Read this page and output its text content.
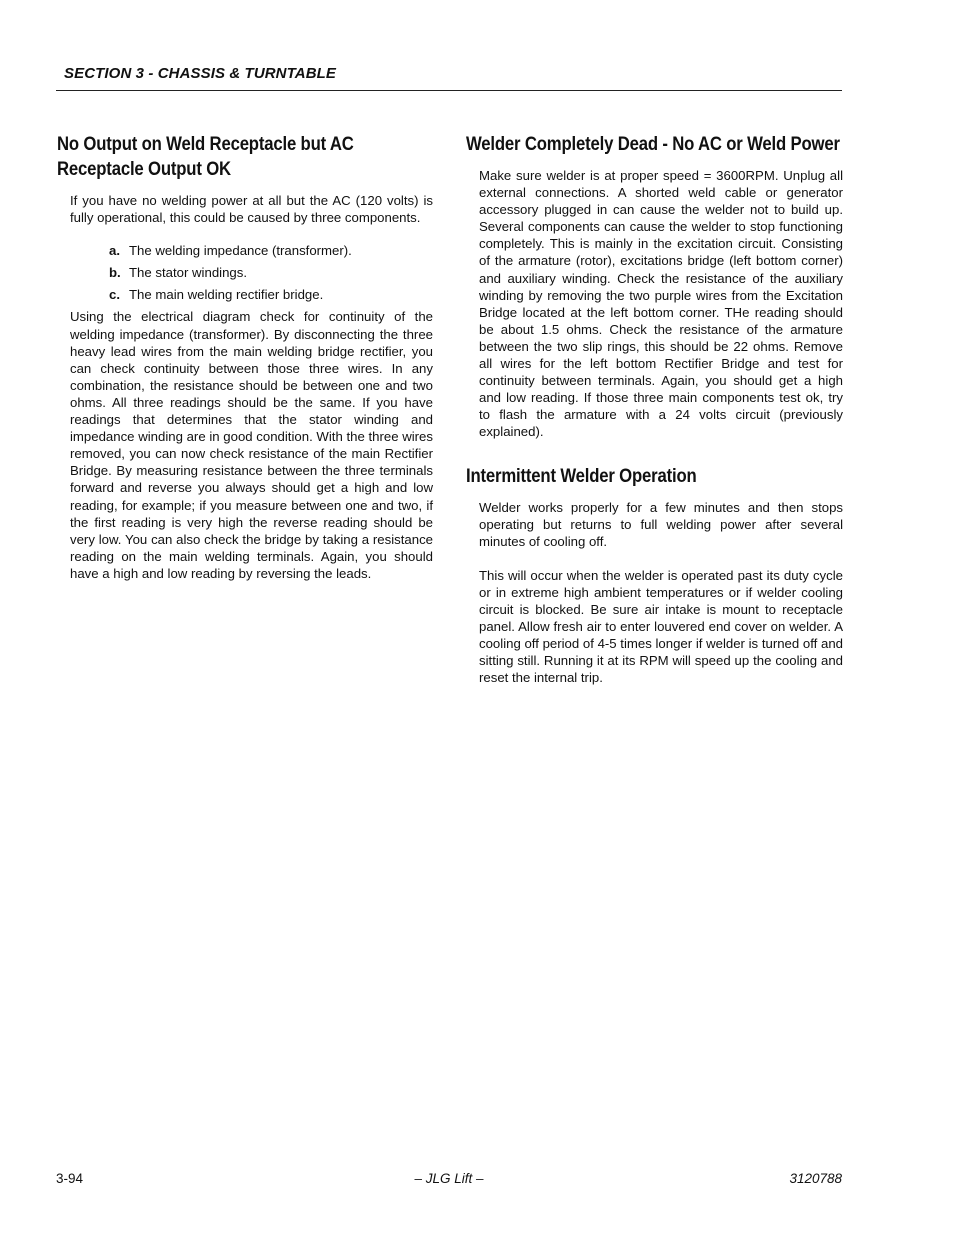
SECTION 3 - CHASSIS & TURNTABLE

No Output on Weld Receptacle but AC Receptacle Output OK

If you have no welding power at all but the AC (120 volts) is fully operational, this could be caused by three components.

a. The welding impedance (transformer).
b. The stator windings.
c. The main welding rectifier bridge.

Using the electrical diagram check for continuity of the welding impedance (transformer). By disconnecting the three heavy lead wires from the main welding bridge rectifier, you can check continuity between those three wires. In any combination, the resistance should be between one and two ohms. All three readings should be the same. If you have readings that determines that the stator winding and impedance winding are in good condition. With the three wires removed, you can now check resistance of the main Rectifier Bridge. By measuring resistance between the three terminals forward and reverse you always should get a high and low reading, for example; if you measure between one and two, if the first reading is very high the reverse reading should be very low. You can also check the bridge by taking a resistance reading on the main welding terminals. Again, you should have a high and low reading by reversing the leads.

Welder Completely Dead - No AC or Weld Power

Make sure welder is at proper speed = 3600RPM. Unplug all external connections. A shorted weld cable or generator accessory plugged in can cause the welder not to build up. Several components can cause the welder to stop functioning completely. This is mainly in the excitation circuit. Consisting of the armature (rotor), excitations bridge (left bottom corner) and auxiliary winding. Check the resistance of the auxiliary winding by removing the two purple wires from the Excitation Bridge located at the left bottom corner. THe reading should be about 1.5 ohms. Check the resistance of the armature between the two slip rings, this should be 22 ohms. Remove all wires for the left bottom Rectifier Bridge and test for continuity between terminals. Again, you should get a high and low reading. If those three main components test ok, try to flash the armature with a 24 volts circuit (previously explained).

Intermittent Welder Operation

Welder works properly for a few minutes and then stops operating but returns to full welding power after several minutes of cooling off.

This will occur when the welder is operated past its duty cycle or in extreme high ambient temperatures or if welder cooling circuit is blocked. Be sure air intake is mount to receptacle panel. Allow fresh air to enter louvered end cover on welder. A cooling off period of 4-5 times longer if welder is turned off and sitting still. Running it at its RPM will speed up the cooling and reset the internal trip.

3-94	– JLG Lift –	3120788
